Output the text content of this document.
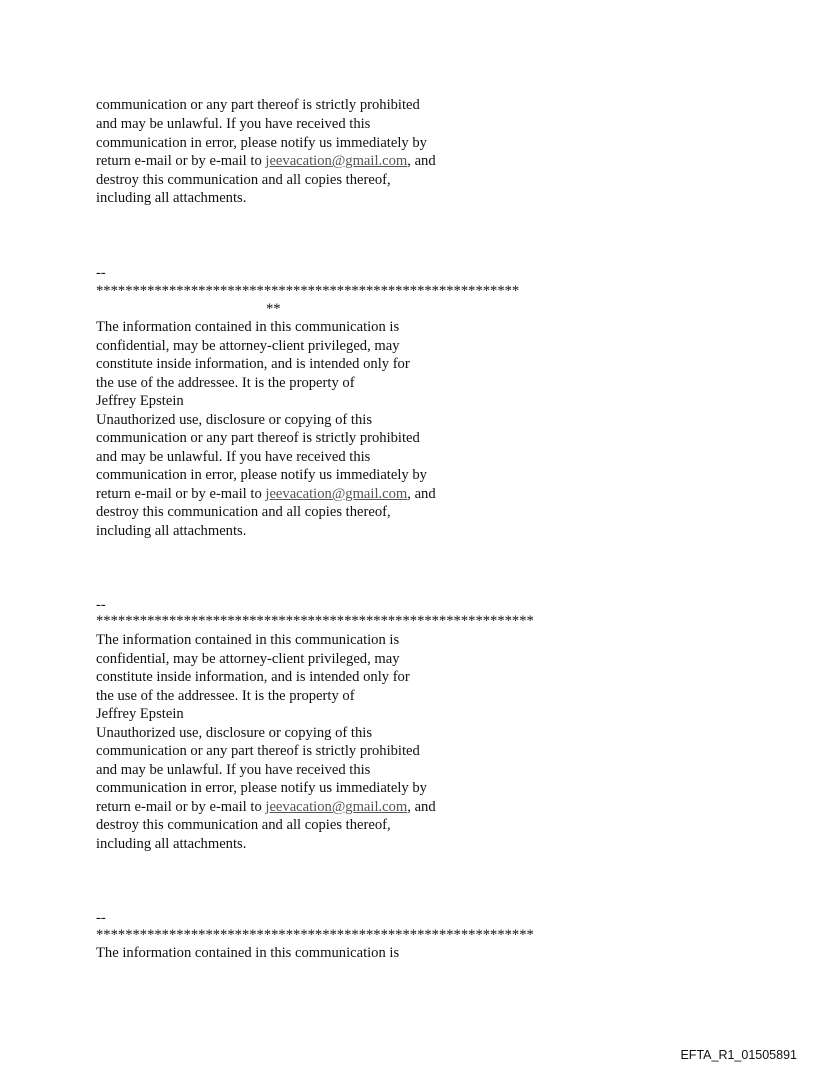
communication or any part thereof is strictly prohibited

and may be unlawful. If you have received this

communication in error, please notify us immediately by

return e-mail or by e-mail to jeevacation@gmail.com, and

destroy this communication and all copies thereof,

including all attachments.

--

**********************************************************

**

The information contained in this communication is

confidential, may be attorney-client privileged, may

constitute inside information, and is intended only for

the use of the addressee. It is the property of

Jeffrey Epstein

Unauthorized use, disclosure or copying of this

communication or any part thereof is strictly prohibited

and may be unlawful. If you have received this

communication in error, please notify us immediately by

return e-mail or by e-mail to jeevacation@gmail.com, and

destroy this communication and all copies thereof,

including all attachments.

--

************************************************************

The information contained in this communication is

confidential, may be attorney-client privileged, may

constitute inside information, and is intended only for

the use of the addressee. It is the property of

Jeffrey Epstein

Unauthorized use, disclosure or copying of this

communication or any part thereof is strictly prohibited

and may be unlawful. If you have received this

communication in error, please notify us immediately by

return e-mail or by e-mail to jeevacation@gmail.com, and

destroy this communication and all copies thereof,

including all attachments.

--

************************************************************

The information contained in this communication is

EFTA_R1_01505891
